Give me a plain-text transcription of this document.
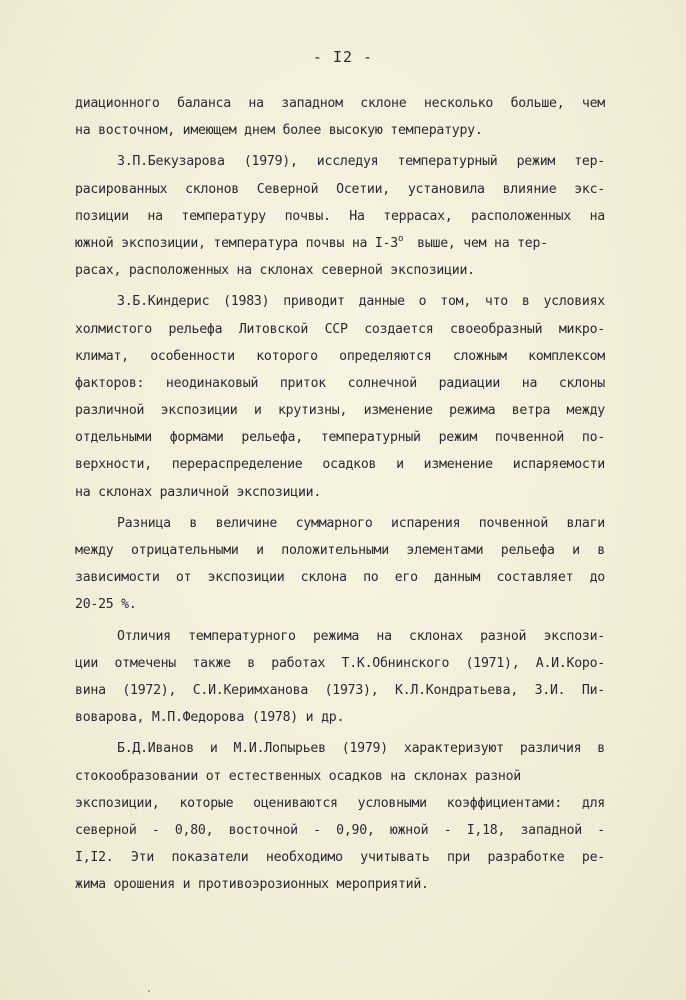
- I2 -
диационного баланса на западном склоне несколько больше, чем
на восточном, имеющем днем более высокую температуру.
З.П.Бекузарова (1979), исследуя температурный режим тер-
расированных склонов Северной Осетии, установила влияние экс-
позиции на температуру почвы. На террасах, расположенных на
южной экспозиции, температура почвы на $I-3^о$ выше, чем на тер-
расах, расположенных на склонах северной экспозиции.
З.Б.Киндерис (1983) приводит данные о том, что в условиях
холмистого рельефа Литовской ССР создается своеобразный микро-
климат, особенности которого определяются сложным комплексом
факторов: неодинаковый приток солнечной радиации на склоны
различной экспозиции и крутизны, изменение режима ветра между
отдельными формами рельефа, температурный режим почвенной по-
верхности, перераспределение осадков и изменение испаряемости
на склонах различной экспозиции.
Разница в величине суммарного испарения почвенной влаги
между отрицательными и положительными элементами рельефа и в
зависимости от экспозиции склона по его данным составляет до
20-25 %.
Отличия температурного режима на склонах разной экспози-
ции отмечены также в работах Т.К.Обнинского (1971), А.И.Коро-
вина (1972), С.И.Керимханова (1973), К.Л.Кондратьева, З.И. Пи-
воварова, М.П.Федорова (1978) и др.
Б.Д.Иванов и М.И.Лопырьев (1979) характеризуют различия в
стокообразовании от естественных осадков на склонах разной
экспозиции, которые оцениваются условными коэффициентами: для
северной - 0,80, восточной - 0,90, южной - I,18, западной -
I,I2. Эти показатели необходимо учитывать при разработке ре-
жима орошения и противоэрозионных мероприятий.
